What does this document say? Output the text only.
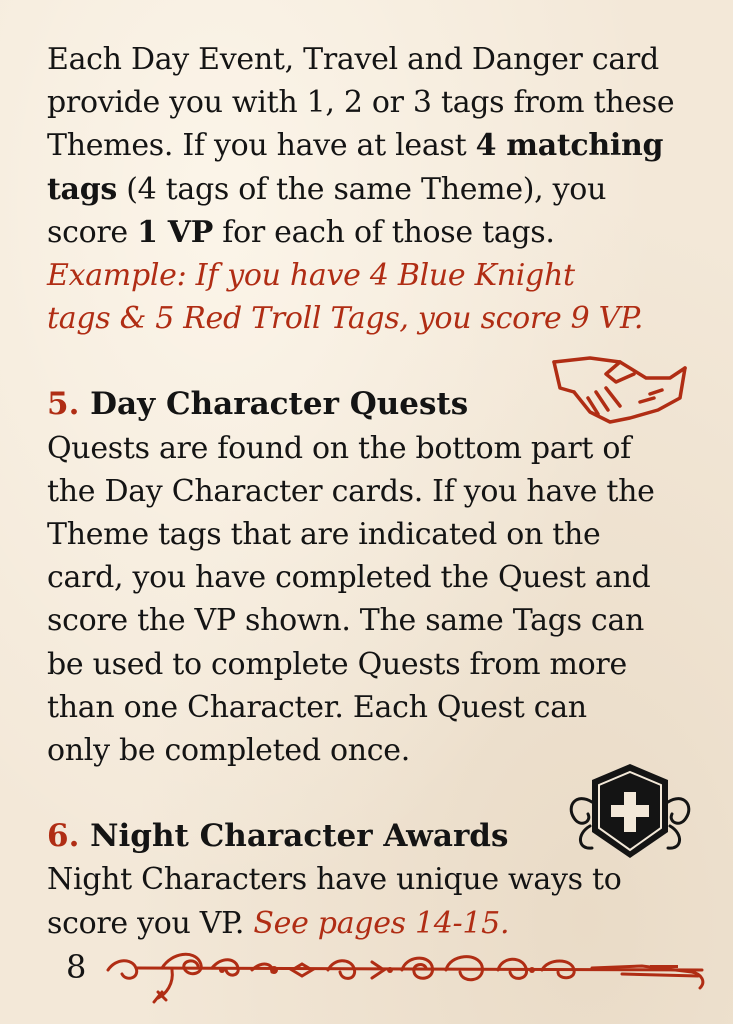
Each Day Event, Travel and Danger card
provide you with 1, 2 or 3 tags from these
Themes. If you have at least 4 matching
tags (4 tags of the same Theme), you
score 1 VP for each of those tags.
Example: If you have 4 Blue Knight
tags & 5 Red Troll Tags, you score 9 VP.

5. Day Character Quests

Quests are found on the bottom part of
the Day Character cards. If you have the
Theme tags that are indicated on the
card, you have completed the Quest and
score the VP shown. The same Tags can
be used to complete Quests from more
than one Character. Each Quest can
only be completed once.

6. Night Character Awards

Night Characters have unique ways to
score you VP. See pages 14-15.

8
